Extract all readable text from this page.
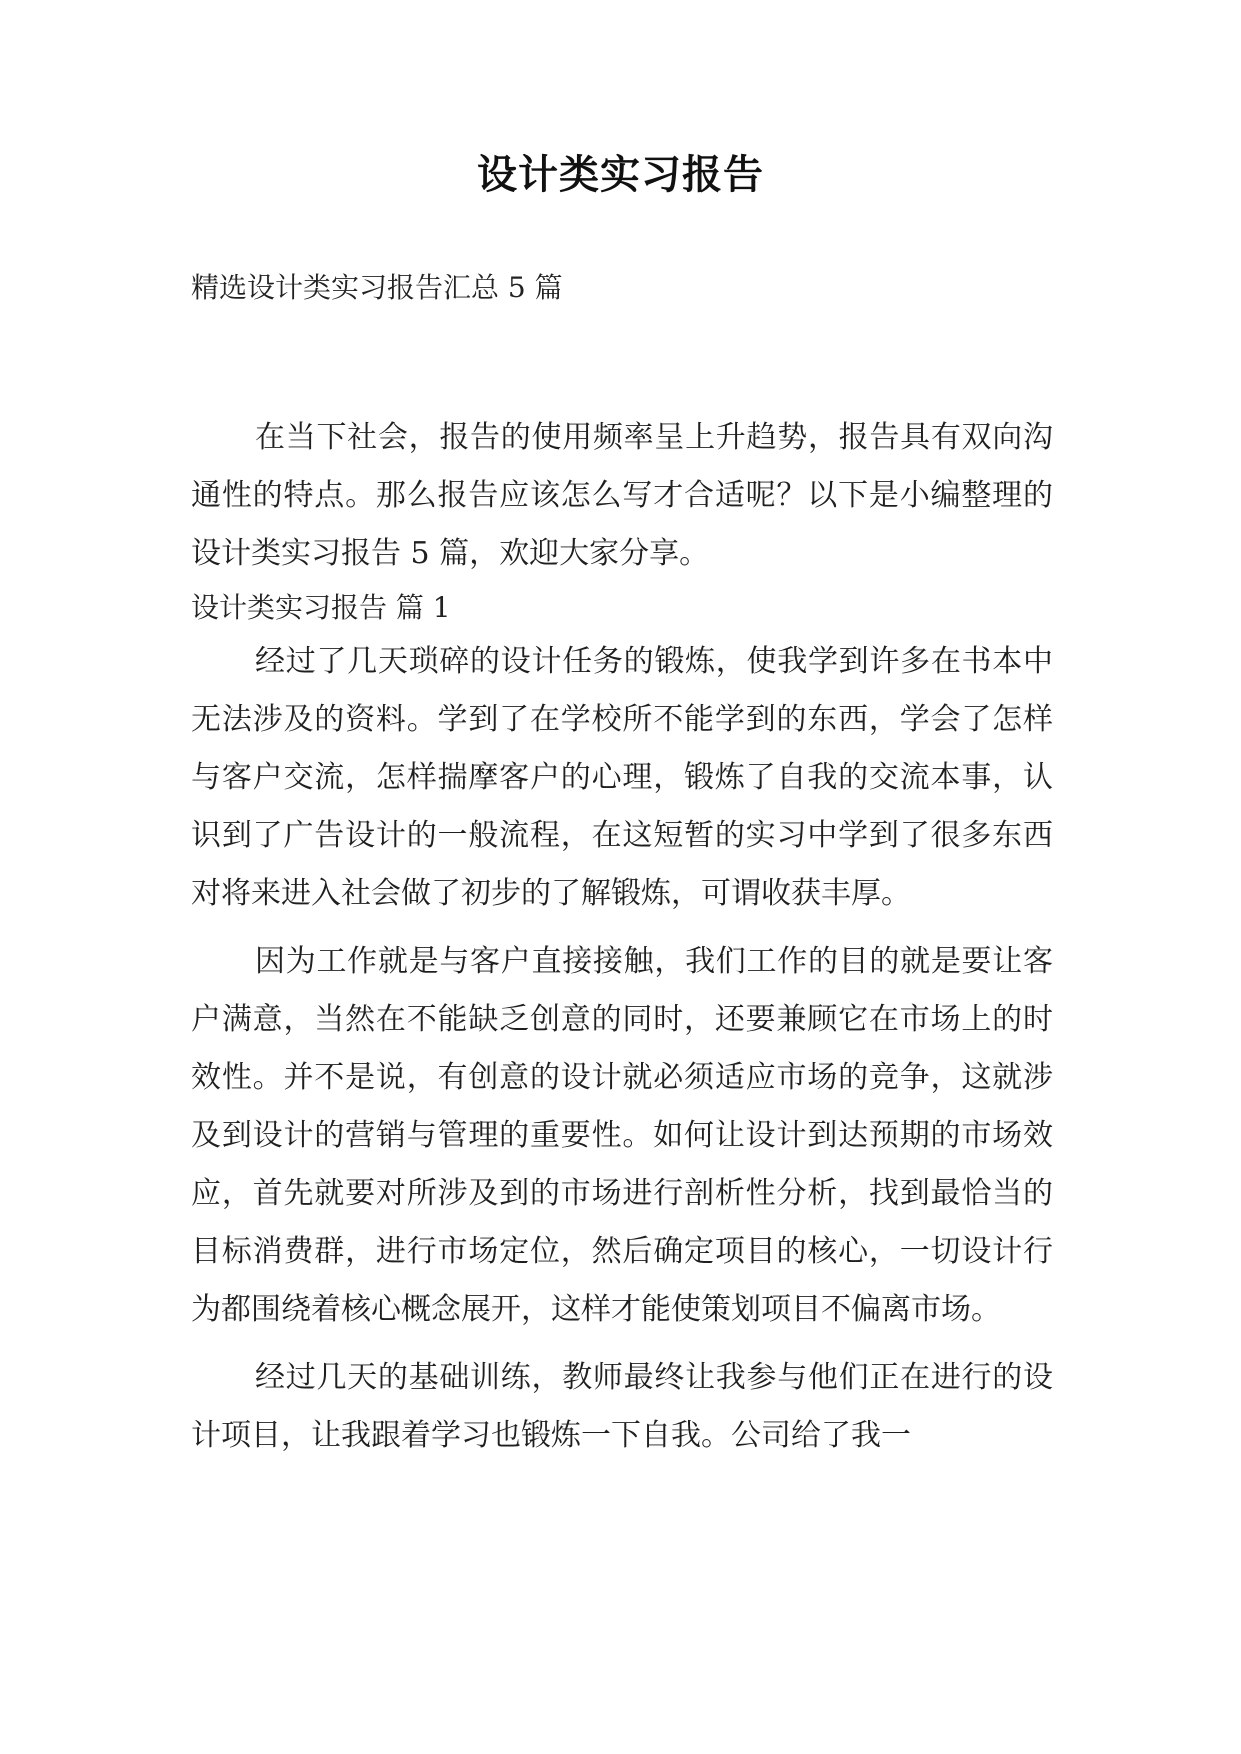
设计类实习报告
精选设计类实习报告汇总 5 篇

在当下社会，报告的使用频率呈上升趋势，报告具有双向沟通性的特点。那么报告应该怎么写才合适呢？以下是小编整理的设计类实习报告 5 篇，欢迎大家分享。

设计类实习报告 篇 1

经过了几天琐碎的设计任务的锻炼，使我学到许多在书本中无法涉及的资料。学到了在学校所不能学到的东西，学会了怎样与客户交流，怎样揣摩客户的心理，锻炼了自我的交流本事，认识到了广告设计的一般流程，在这短暂的实习中学到了很多东西对将来进入社会做了初步的了解锻炼，可谓收获丰厚。

因为工作就是与客户直接接触，我们工作的目的就是要让客户满意，当然在不能缺乏创意的同时，还要兼顾它在市场上的时效性。并不是说，有创意的设计就必须适应市场的竞争，这就涉及到设计的营销与管理的重要性。如何让设计到达预期的市场效应，首先就要对所涉及到的市场进行剖析性分析，找到最恰当的目标消费群，进行市场定位，然后确定项目的核心，一切设计行为都围绕着核心概念展开，这样才能使策划项目不偏离市场。

经过几天的基础训练，教师最终让我参与他们正在进行的设计项目，让我跟着学习也锻炼一下自我。公司给了我一
